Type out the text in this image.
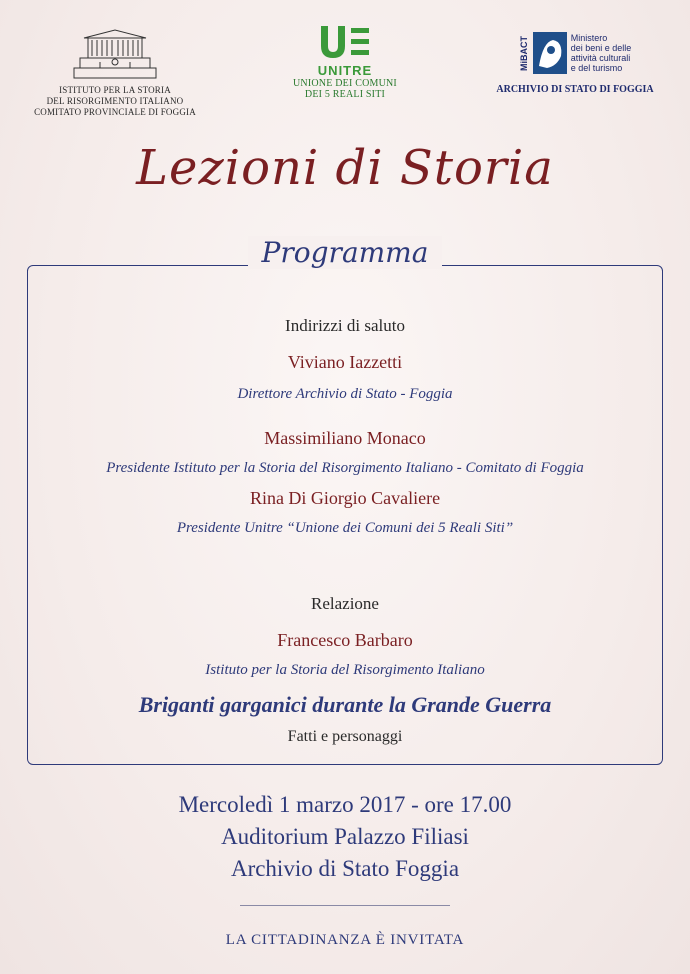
ISTITUTO PER LA STORIA
DEL RISORGIMENTO ITALIANO
COMITATO PROVINCIALE DI FOGGIA
UNITRE
UNIONE DEI COMUNI
DEI 5 REALI SITI
MiBACT	Ministero
dei beni e delle
attività culturali
e del turismo
ARCHIVIO DI STATO DI FOGGIA
Lezioni di Storia
Programma
Indirizzi di saluto
Viviano Iazzetti
Direttore Archivio di Stato - Foggia
Massimiliano Monaco
Presidente Istituto per la Storia del Risorgimento Italiano - Comitato di Foggia
Rina Di Giorgio Cavaliere
Presidente Unitre “Unione dei Comuni dei 5 Reali Siti”
Relazione
Francesco Barbaro
Istituto per la Storia del Risorgimento Italiano
Briganti garganici durante la Grande Guerra
Fatti e personaggi
Mercoledì 1 marzo 2017 - ore 17.00
Auditorium Palazzo Filiasi
Archivio di Stato Foggia
LA CITTADINANZA È INVITATA
